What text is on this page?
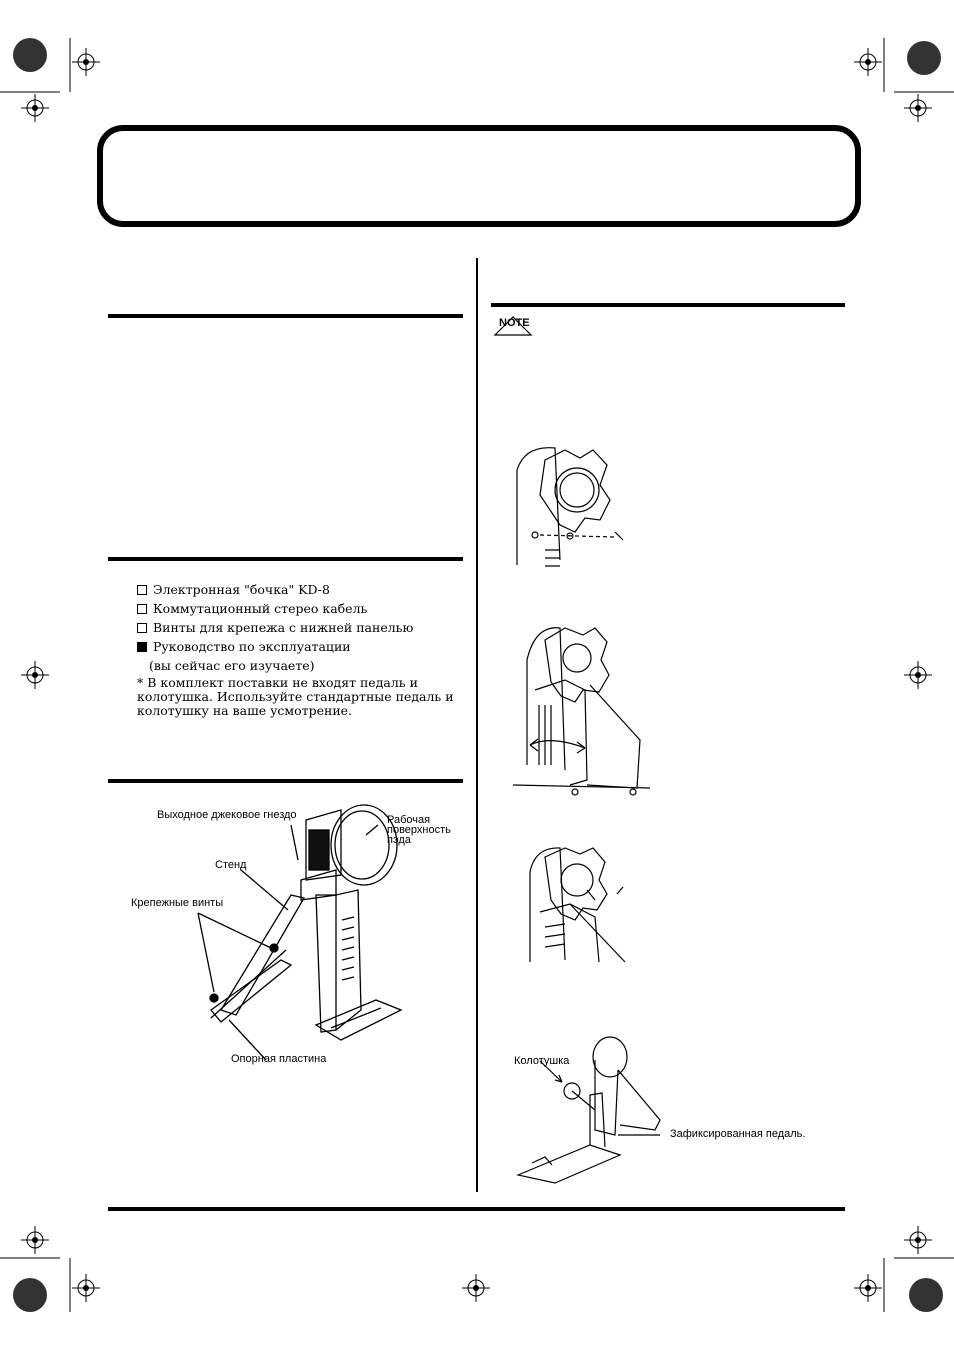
Электронная "бочка" KD-8
Коммутационный стерео кабель
Винты для крепежа с нижней панелью
Руководство по эксплуатации
(вы сейчас его изучаете)
* В комплект поставки не входят педаль и колотушка. Используйте стандартные педаль и колотушку на ваше усмотрение.
Выходное джековое гнездо	Рабочая
поверхность
пэда
Стенд
Крепежные винты
Опорная пластина
NOTE
Колотушка
Зафиксированная педаль.
